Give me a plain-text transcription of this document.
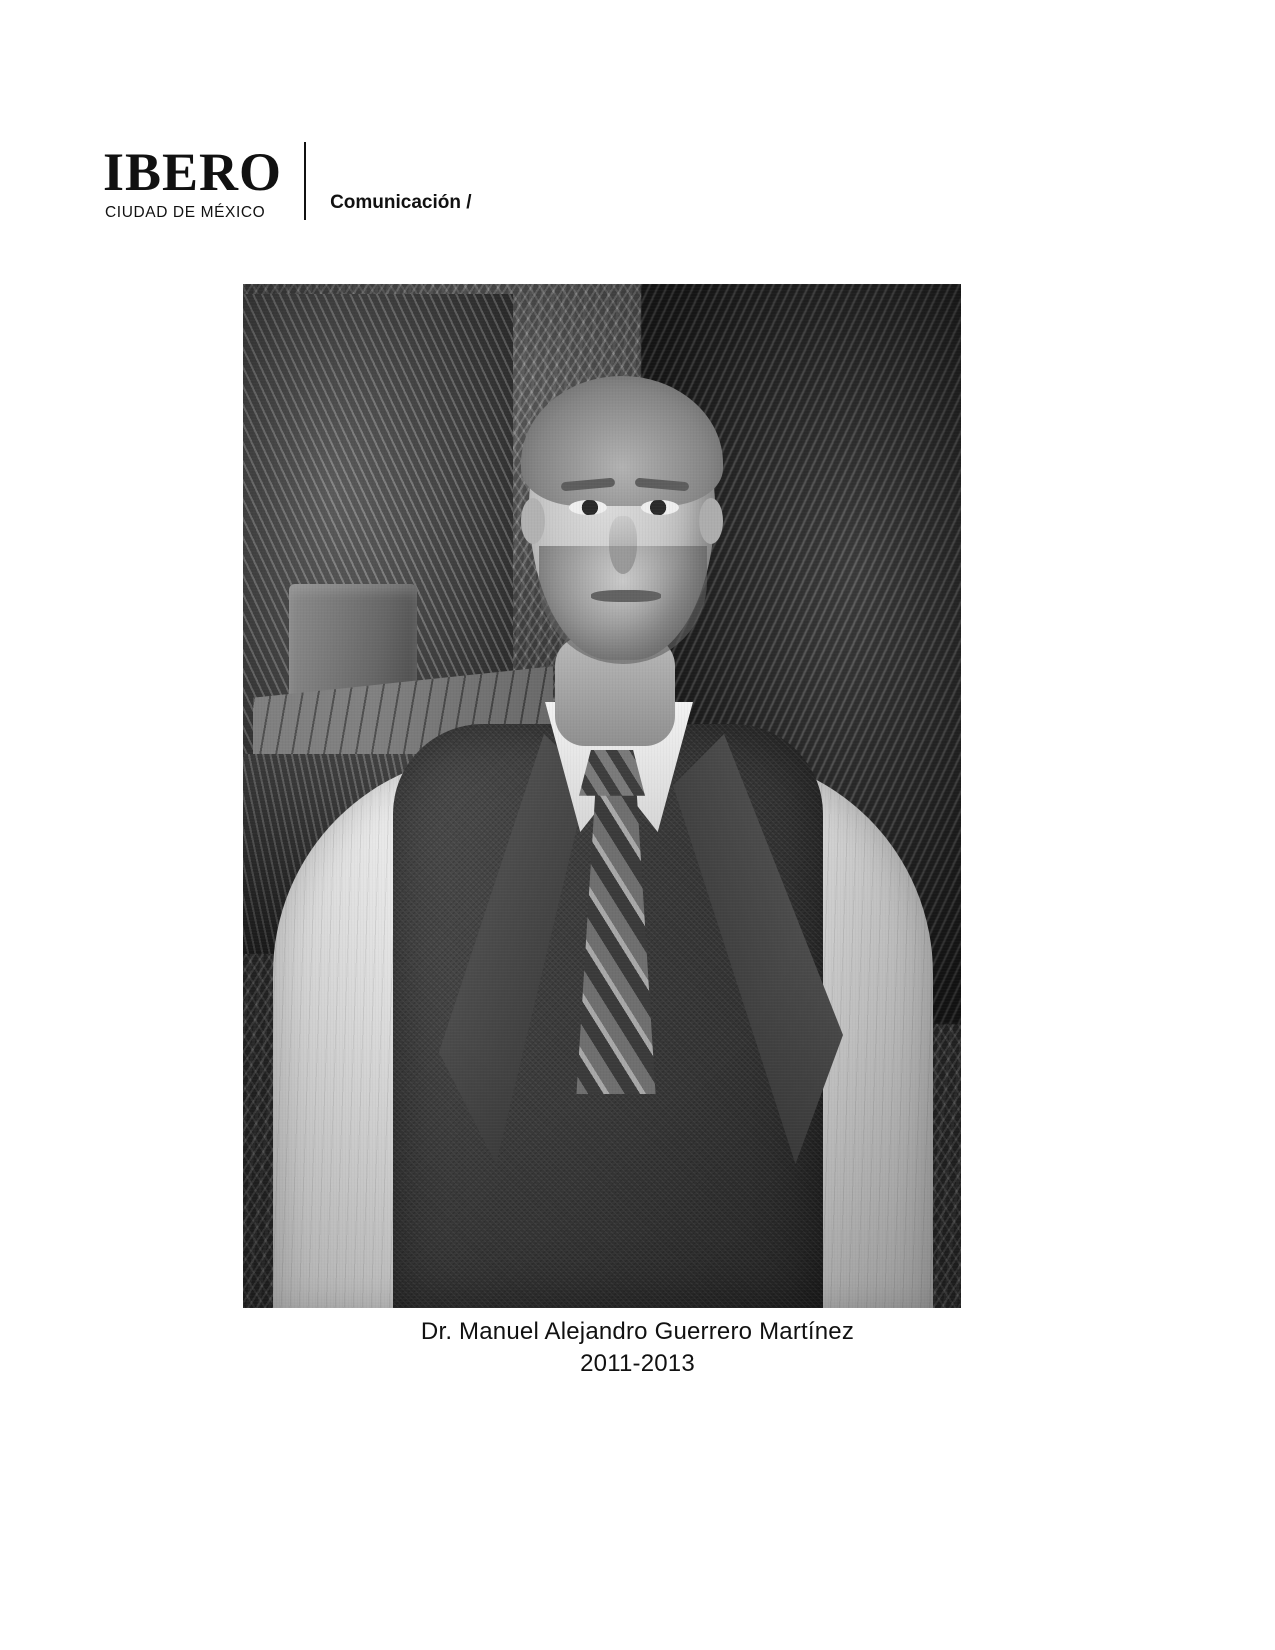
IBERO
CIUDAD DE MÉXICO	Comunicación /
Dr. Manuel Alejandro Guerrero Martínez
2011-2013
